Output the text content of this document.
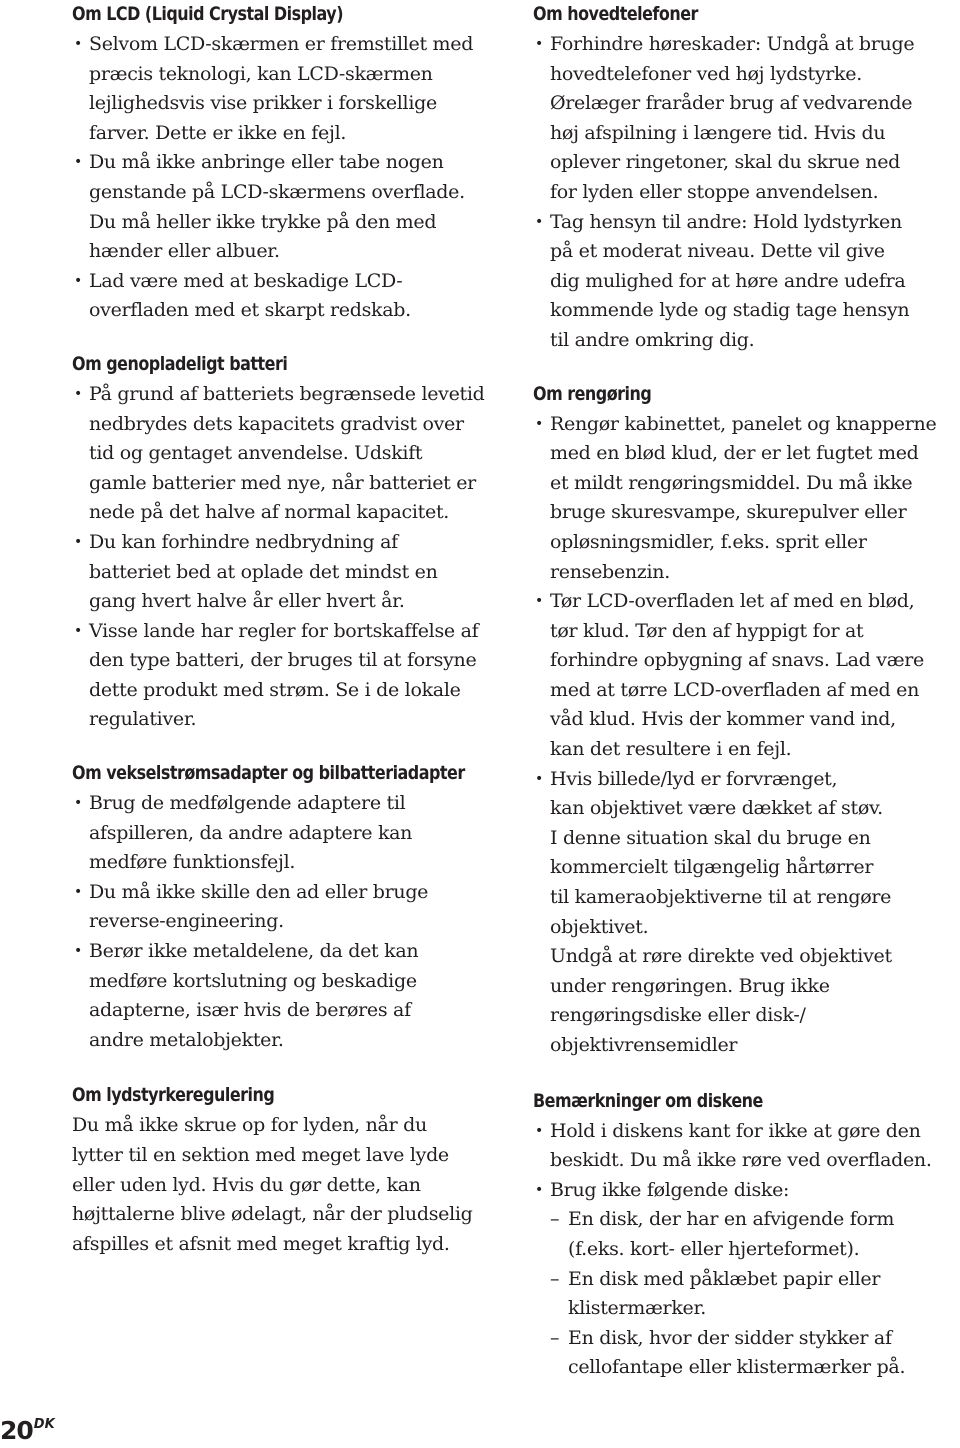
Om LCD (Liquid Crystal Display)
• Selvom LCD-skærmen er fremstillet med
præcis teknologi, kan LCD-skærmen
lejlighedsvis vise prikker i forskellige
farver. Dette er ikke en fejl.
• Du må ikke anbringe eller tabe nogen
genstande på LCD-skærmens overflade.
Du må heller ikke trykke på den med
hænder eller albuer.
• Lad være med at beskadige LCD-
overfladen med et skarpt redskab.
Om genopladeligt batteri
• På grund af batteriets begrænsede levetid
nedbrydes dets kapacitets gradvist over
tid og gentaget anvendelse. Udskift
gamle batterier med nye, når batteriet er
nede på det halve af normal kapacitet.
• Du kan forhindre nedbrydning af
batteriet bed at oplade det mindst en
gang hvert halve år eller hvert år.
• Visse lande har regler for bortskaffelse af
den type batteri, der bruges til at forsyne
dette produkt med strøm. Se i de lokale
regulativer.
Om vekselstrømsadapter og bilbatteriadapter
• Brug de medfølgende adaptere til
afspilleren, da andre adaptere kan
medføre funktionsfejl.
• Du må ikke skille den ad eller bruge
reverse-engineering.
• Berør ikke metaldelene, da det kan
medføre kortslutning og beskadige
adapterne, især hvis de berøres af
andre metalobjekter.
Om lydstyrkeregulering

Du må ikke skrue op for lyden, når du
lytter til en sektion med meget lave lyde
eller uden lyd. Hvis du gør dette, kan
højttalerne blive ødelagt, når der pludselig
afspilles et afsnit med meget kraftig lyd.

Om hovedtelefoner
• Forhindre høreskader: Undgå at bruge
hovedtelefoner ved høj lydstyrke.
Ørelæger fraråder brug af vedvarende
høj afspilning i længere tid. Hvis du
oplever ringetoner, skal du skrue ned
for lyden eller stoppe anvendelsen.
• Tag hensyn til andre: Hold lydstyrken
på et moderat niveau. Dette vil give
dig mulighed for at høre andre udefra
kommende lyde og stadig tage hensyn
til andre omkring dig.
Om rengøring
• Rengør kabinettet, panelet og knapperne
med en blød klud, der er let fugtet med
et mildt rengøringsmiddel. Du må ikke
bruge skuresvampe, skurepulver eller
opløsningsmidler, f.eks. sprit eller
rensebenzin.
• Tør LCD-overfladen let af med en blød,
tør klud. Tør den af hyppigt for at
forhindre opbygning af snavs. Lad være
med at tørre LCD-overfladen af med en
våd klud. Hvis der kommer vand ind,
kan det resultere i en fejl.
• Hvis billede/lyd er forvrænget,
kan objektivet være dækket af støv.
I denne situation skal du bruge en
kommercielt tilgængelig hårtørrer
til kameraobjektiverne til at rengøre
objektivet.
Undgå at røre direkte ved objektivet
under rengøringen. Brug ikke
rengøringsdiske eller disk-/
objektivrensemidler
Bemærkninger om diskene
• Hold i diskens kant for ikke at gøre den
beskidt. Du må ikke røre ved overfladen.
• Brug ikke følgende diske:
– En disk, der har en afvigende form
(f.eks. kort- eller hjerteformet).
– En disk med påklæbet papir eller
klistermærker.
– En disk, hvor der sidder stykker af
cellofantape eller klistermærker på.
$20^{DK}$
